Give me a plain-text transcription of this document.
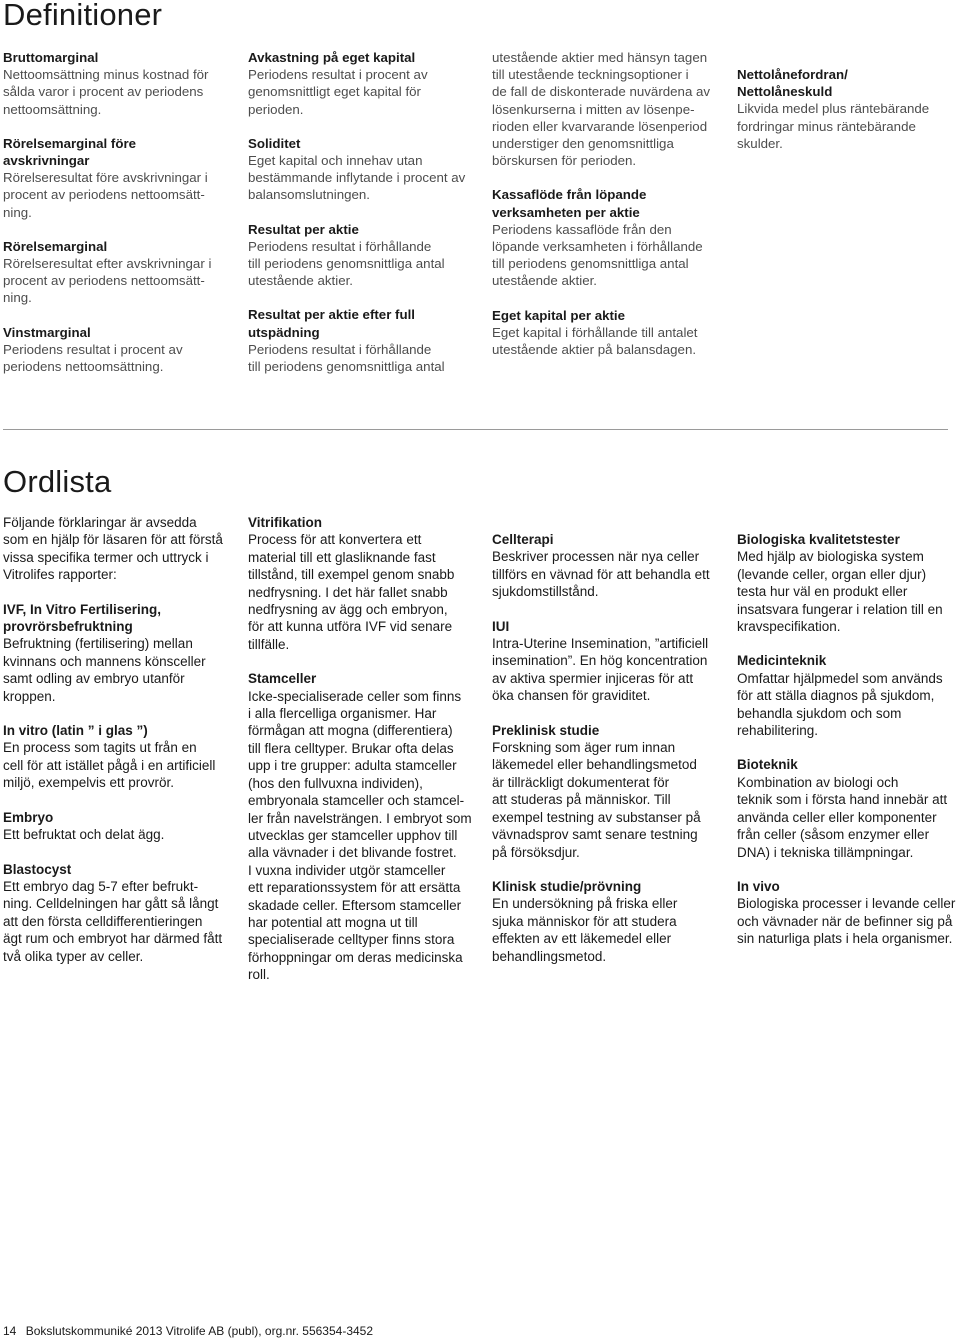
Definitioner
Bruttomarginal
Nettoomsättning minus kostnad för
sålda varor i procent av periodens
nettoomsättning.
Rörelsemarginal före
avskrivningar
Rörelseresultat före avskrivningar i
procent av periodens nettoomsätt-
ning.
Rörelsemarginal
Rörelseresultat efter avskrivningar i
procent av periodens nettoomsätt-
ning.
Vinstmarginal
Periodens resultat i procent av
periodens nettoomsättning.
Avkastning på eget kapital
Periodens resultat i procent av
genomsnittligt eget kapital för
perioden.
Soliditet
Eget kapital och innehav utan
bestämmande inflytande i procent av
balansomslutningen.
Resultat per aktie
Periodens resultat i förhållande
till periodens genomsnittliga antal
utestående aktier.
Resultat per aktie efter full
utspädning
Periodens resultat i förhållande
till periodens genomsnittliga antal
utestående aktier med hänsyn tagen
till utestående teckningsoptioner i
de fall de diskonterade nuvärdena av
lösenkurserna i mitten av lösenpe-
rioden eller kvarvarande lösenperiod
understiger den genomsnittliga
börskursen för perioden.
Kassaflöde från löpande
verksamheten per aktie
Periodens kassaflöde från den
löpande verksamheten i förhållande
till periodens genomsnittliga antal
utestående aktier.
Eget kapital per aktie
Eget kapital i förhållande till antalet
utestående aktier på balansdagen.
Nettolånefordran/
Nettolåneskuld
Likvida medel plus räntebärande
fordringar minus räntebärande
skulder.
Ordlista
Följande förklaringar är avsedda
som en hjälp för läsaren för att förstå
vissa specifika termer och uttryck i
Vitrolifes rapporter:
IVF, In Vitro Fertilisering,
provrörsbefruktning
Befruktning (fertilisering) mellan
kvinnans och mannens könsceller
samt odling av embryo utanför
kroppen.
In vitro (latin ” i glas ”)
En process som tagits ut från en
cell för att istället pågå i en artificiell
miljö, exempelvis ett provrör.
Embryo
Ett befruktat och delat ägg.
Blastocyst
Ett embryo dag 5-7 efter befrukt-
ning. Celldelningen har gått så långt
att den första celldifferentieringen
ägt rum och embryot har därmed fått
två olika typer av celler.
Vitrifikation
Process för att konvertera ett
material till ett glasliknande fast
tillstånd, till exempel genom snabb
nedfrysning. I det här fallet snabb
nedfrysning av ägg och embryon,
för att kunna utföra IVF vid senare
tillfälle.
Stamceller
Icke-specialiserade celler som finns
i alla flercelliga organismer. Har
förmågan att mogna (differentiera)
till flera celltyper. Brukar ofta delas
upp i tre grupper: adulta stamceller
(hos den fullvuxna individen),
embryonala stamceller och stamcel-
ler från navelsträngen. I embryot som
utvecklas ger stamceller upphov till
alla vävnader i det blivande fostret.
I vuxna individer utgör stamceller
ett reparationssystem för att ersätta
skadade celler. Eftersom stamceller
har potential att mogna ut till
specialiserade celltyper finns stora
förhoppningar om deras medicinska
roll.
Cellterapi
Beskriver processen när nya celler
tillförs en vävnad för att behandla ett
sjukdomstillstånd.
IUI
Intra-Uterine Insemination, ”artificiell
insemination”. En hög koncentration
av aktiva spermier injiceras för att
öka chansen för graviditet.
Preklinisk studie
Forskning som äger rum innan
läkemedel eller behandlingsmetod
är tillräckligt dokumenterat för
att studeras på människor. Till
exempel testning av substanser på
vävnadsprov samt senare testning
på försöksdjur.
Klinisk studie/prövning
En undersökning på friska eller
sjuka människor för att studera
effekten av ett läkemedel eller
behandlingsmetod.
Biologiska kvalitetstester
Med hjälp av biologiska system
(levande celler, organ eller djur)
testa hur väl en produkt eller
insatsvara fungerar i relation till en
kravspecifikation.
Medicinteknik
Omfattar hjälpmedel som används
för att ställa diagnos på sjukdom,
behandla sjukdom och som
rehabilitering.
Bioteknik
Kombination av biologi och
teknik som i första hand innebär att
använda celler eller komponenter
från celler (såsom enzymer eller
DNA) i tekniska tillämpningar.
In vivo
Biologiska processer i levande celler
och vävnader när de befinner sig på
sin naturliga plats i hela organismer.
14 Bokslutskommuniké 2013 Vitrolife AB (publ), org.nr. 556354-3452
